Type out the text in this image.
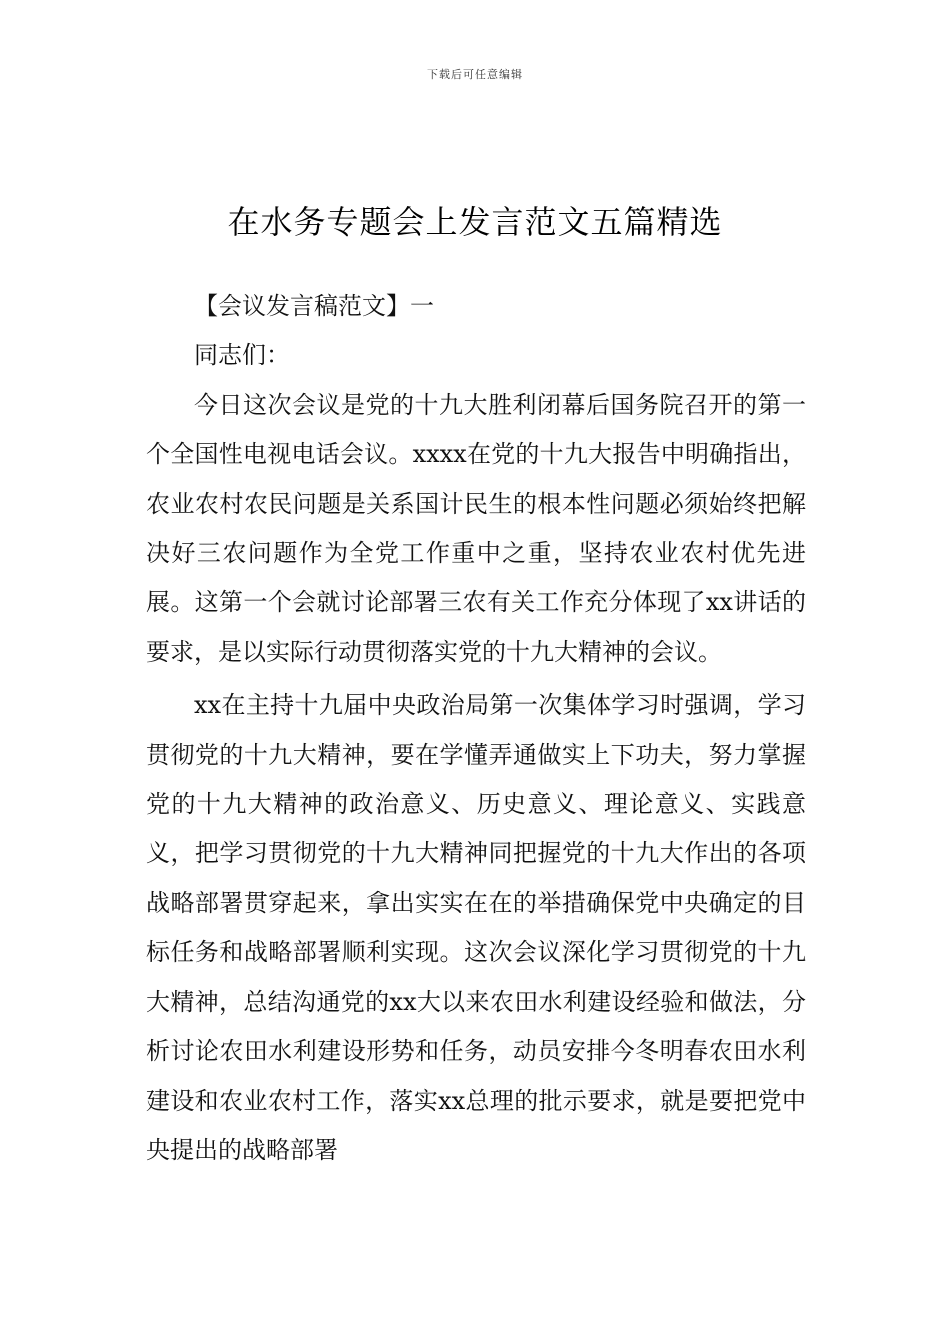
下载后可任意编辑
在水务专题会上发言范文五篇精选

【会议发言稿范文】一

同志们：

今日这次会议是党的十九大胜利闭幕后国务院召开的第一个全国性电视电话会议。xxxx在党的十九大报告中明确指出，农业农村农民问题是关系国计民生的根本性问题必须始终把解决好三农问题作为全党工作重中之重，坚持农业农村优先进展。这第一个会就讨论部署三农有关工作充分体现了xx讲话的要求，是以实际行动贯彻落实党的十九大精神的会议。

xx在主持十九届中央政治局第一次集体学习时强调，学习贯彻党的十九大精神，要在学懂弄通做实上下功夫，努力掌握党的十九大精神的政治意义、历史意义、理论意义、实践意义，把学习贯彻党的十九大精神同把握党的十九大作出的各项战略部署贯穿起来，拿出实实在在的举措确保党中央确定的目标任务和战略部署顺利实现。这次会议深化学习贯彻党的十九大精神，总结沟通党的xx大以来农田水利建设经验和做法，分析讨论农田水利建设形势和任务，动员安排今冬明春农田水利建设和农业农村工作，落实xx总理的批示要求，就是要把党中央提出的战略部署
